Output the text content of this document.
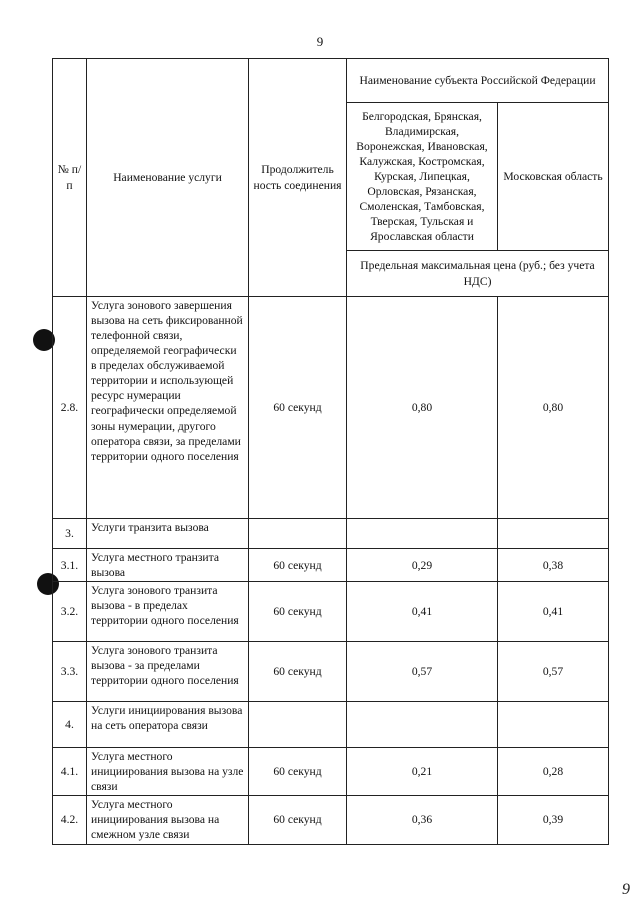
9
№ п/п	Наименование услуги	Продолжитель ность соединения	Наименование субъекта Российской Федерации	
			Белгородская, Брянская, Владимирская, Воронежская, Ивановская, Калужская, Костромская, Курская, Липецкая, Орловская, Рязанская, Смоленская, Тамбовская, Тверская, Тульская и Ярославская области	Московская область
			Предельная максимальная цена (руб.; без учета НДС)	
2.8.	Услуга зонового завершения вызова на сеть фиксированной телефонной связи, определяемой географически в пределах обслуживаемой территории и использующей ресурс нумерации географически определяемой зоны нумерации, другого оператора связи, за пределами территории одного поселения	60 секунд	0,80	0,80
3.	Услуги транзита вызова			
3.1.	Услуга местного транзита вызова	60 секунд	0,29	0,38
3.2.	Услуга зонового транзита вызова - в пределах территории одного поселения	60 секунд	0,41	0,41
3.3.	Услуга зонового транзита вызова - за пределами территории одного поселения	60 секунд	0,57	0,57
4.	Услуги инициирования вызова на сеть оператора связи			
4.1.	Услуга местного инициирования вызова на узле связи	60 секунд	0,21	0,28
4.2.	Услуга местного инициирования вызова на смежном узле связи	60 секунд	0,36	0,39
9
